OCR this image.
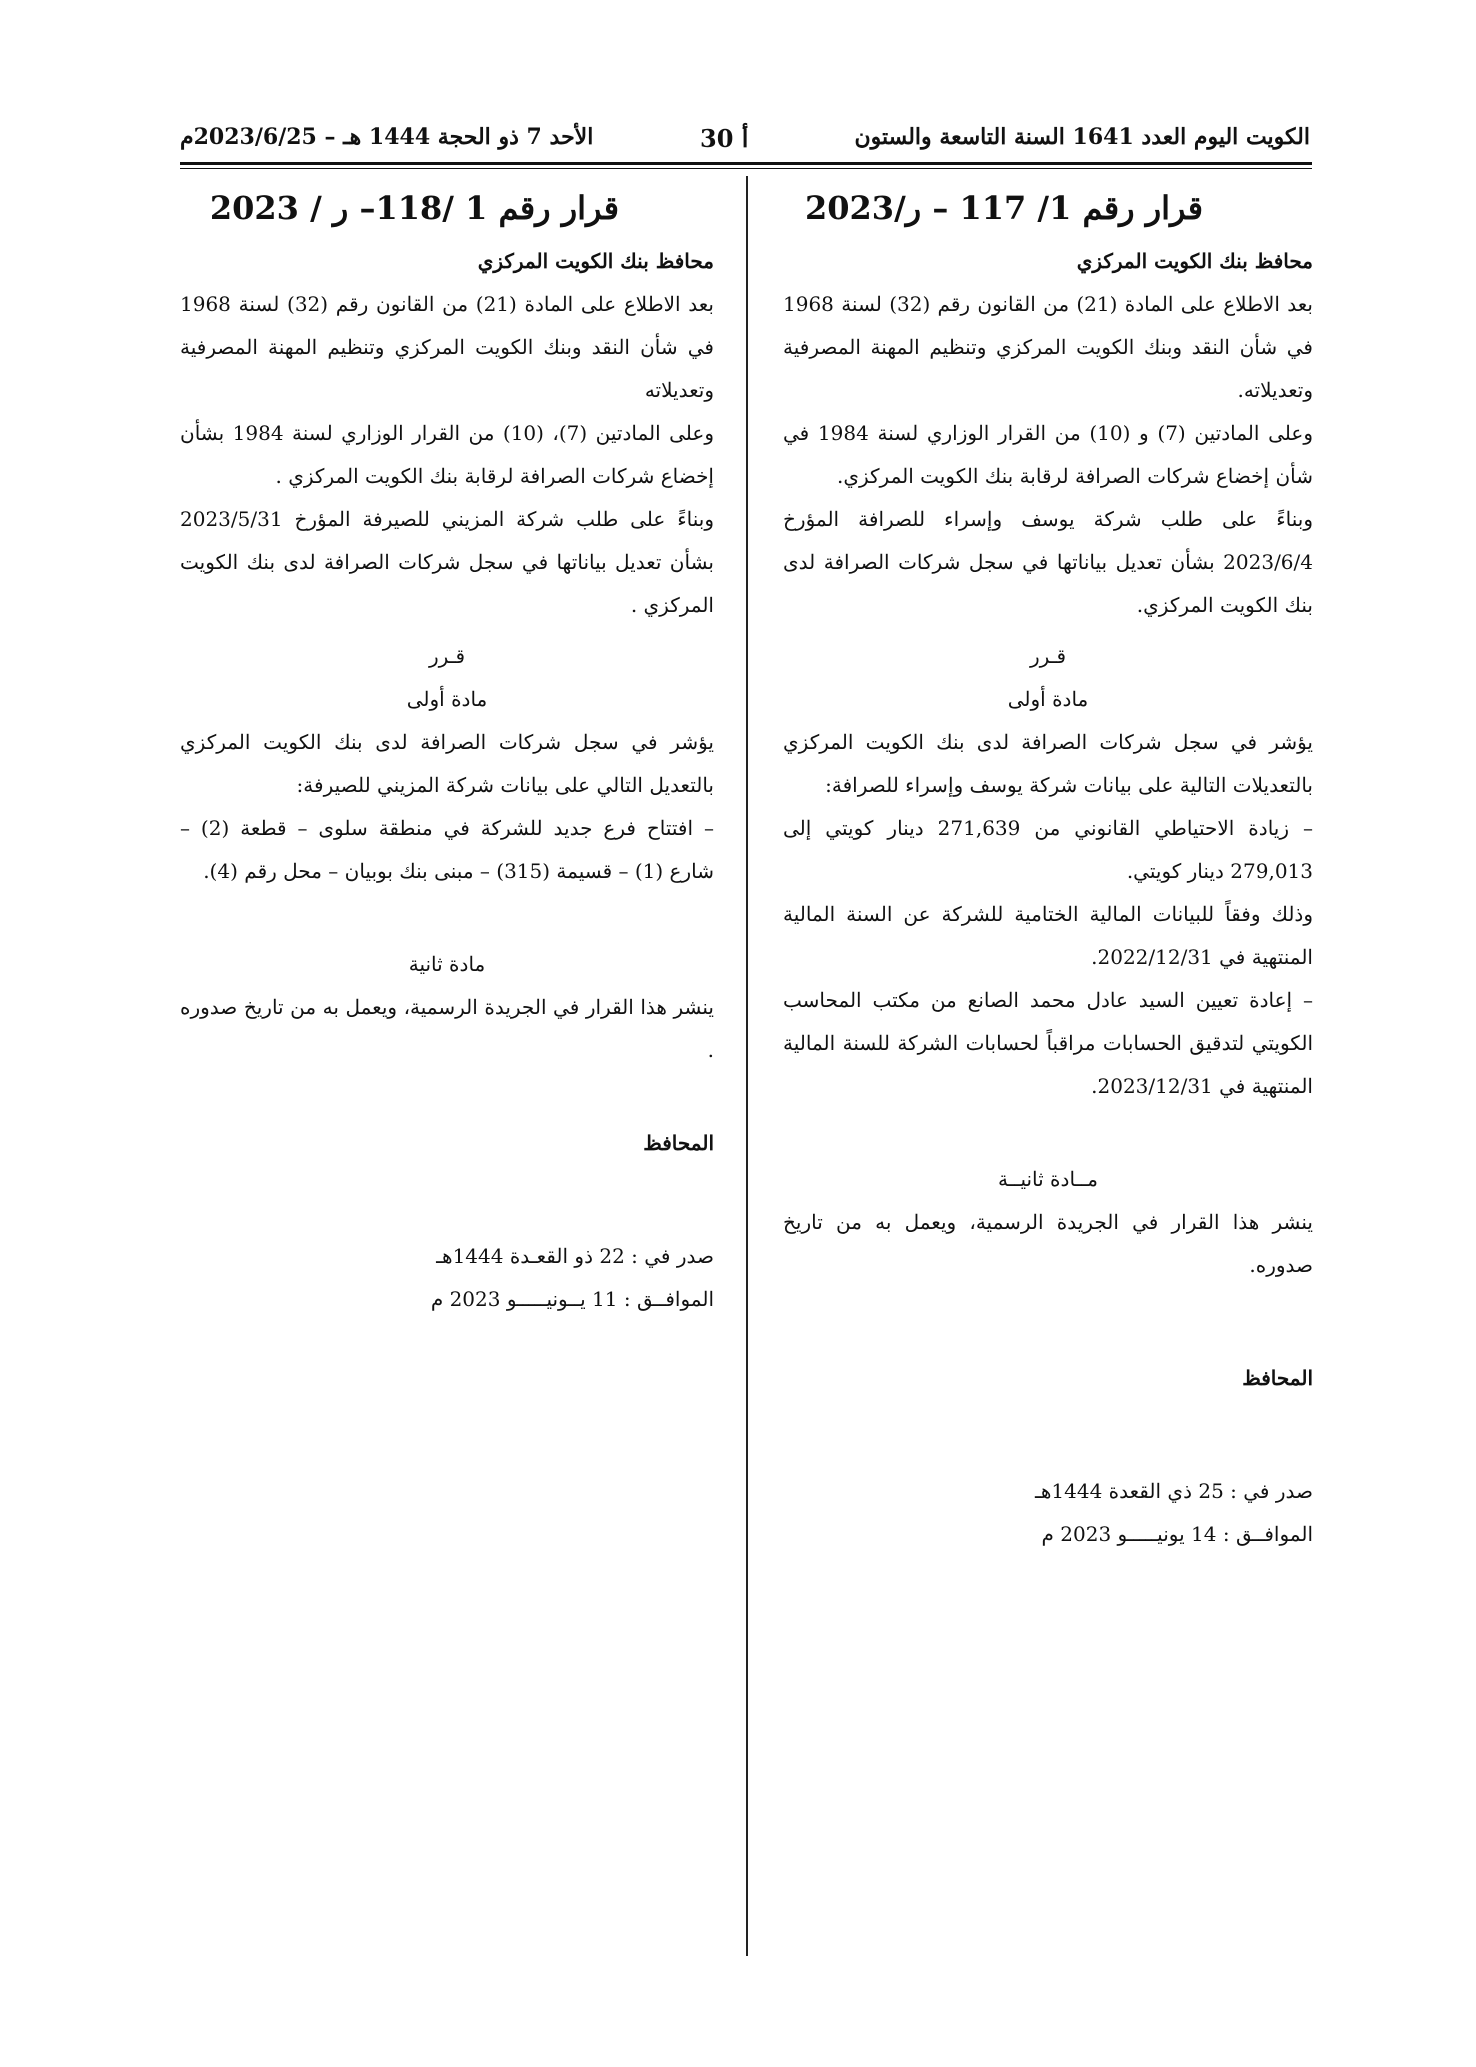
الكويت اليوم العدد 1641 السنة التاسعة والستون
أ 30
الأحد 7 ذو الحجة 1444 هـ – 2023/6/25م

قرار رقم 1/ 117 – ر/2023

محافظ بنك الكويت المركزي

بعد الاطلاع على المادة (21) من القانون رقم (32) لسنة 1968 في شأن النقد وبنك الكويت المركزي وتنظيم المهنة المصرفية وتعديلاته.

وعلى المادتين (7) و (10) من القرار الوزاري لسنة 1984 في شأن إخضاع شركات الصرافة لرقابة بنك الكويت المركزي.

وبناءً على طلب شركة يوسف وإسراء للصرافة المؤرخ 2023/6/4 بشأن تعديل بياناتها في سجل شركات الصرافة لدى بنك الكويت المركزي.

قـرر

مادة أولى

يؤشر في سجل شركات الصرافة لدى بنك الكويت المركزي بالتعديلات التالية على بيانات شركة يوسف وإسراء للصرافة:

– زيادة الاحتياطي القانوني من 271,639 دينار كويتي إلى 279,013 دينار كويتي.

وذلك وفقاً للبيانات المالية الختامية للشركة عن السنة المالية المنتهية في 2022/12/31.

– إعادة تعيين السيد عادل محمد الصانع من مكتب المحاسب الكويتي لتدقيق الحسابات مراقباً لحسابات الشركة للسنة المالية المنتهية في 2023/12/31.

مــادة ثانيــة

ينشر هذا القرار في الجريدة الرسمية، ويعمل به من تاريخ صدوره.

المحافظ

صدر في : 25 ذي القعدة 1444هـ

الموافــق : 14 يونيـــــو 2023 م

قرار رقم 1 /118– ر / 2023

محافظ بنك الكويت المركزي

بعد الاطلاع على المادة (21) من القانون رقم (32) لسنة 1968 في شأن النقد وبنك الكويت المركزي وتنظيم المهنة المصرفية وتعديلاته

وعلى المادتين (7)، (10) من القرار الوزاري لسنة 1984 بشأن إخضاع شركات الصرافة لرقابة بنك الكويت المركزي .

وبناءً على طلب شركة المزيني للصيرفة المؤرخ 2023/5/31 بشأن تعديل بياناتها في سجل شركات الصرافة لدى بنك الكويت المركزي .

قـرر

مادة أولى

يؤشر في سجل شركات الصرافة لدى بنك الكويت المركزي بالتعديل التالي على بيانات شركة المزيني للصيرفة:

– افتتاح فرع جديد للشركة في منطقة سلوى – قطعة (2) – شارع (1) – قسيمة (315) – مبنى بنك بوبيان – محل رقم (4).

مادة ثانية

ينشر هذا القرار في الجريدة الرسمية، ويعمل به من تاريخ صدوره .

المحافظ

صدر في : 22 ذو القعـدة 1444هـ

الموافــق : 11 يــونيـــــو 2023 م
